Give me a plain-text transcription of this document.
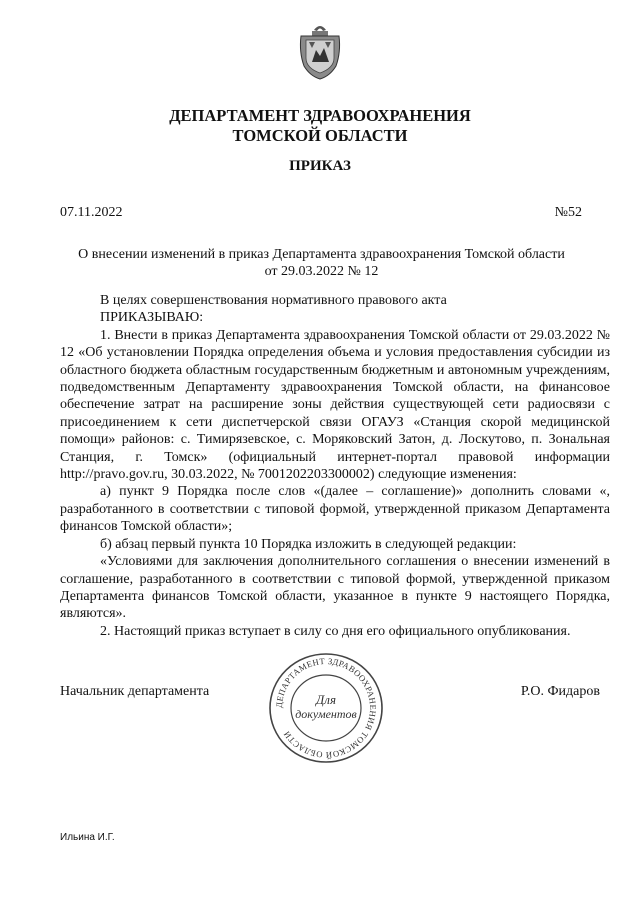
ДЕПАРТАМЕНТ ЗДРАВООХРАНЕНИЯ
ТОМСКОЙ ОБЛАСТИ
ПРИКАЗ
07.11.2022	№52
О внесении изменений в приказ Департамента здравоохранения Томской области
от 29.03.2022 № 12

В целях совершенствования нормативного правового акта

ПРИКАЗЫВАЮ:

1. Внести в приказ Департамента здравоохранения Томской области от 29.03.2022 № 12 «Об установлении Порядка определения объема и условия предоставления субсидии из областного бюджета областным государственным бюджетным и автономным учреждениям, подведомственным Департаменту здравоохранения Томской области, на финансовое обеспечение затрат на расширение зоны действия существующей сети радиосвязи с присоединением к сети диспетчерской связи ОГАУЗ «Станция скорой медицинской помощи» районов: с. Тимирязевское, с. Моряковский Затон, д. Лоскутово, п. Зональная Станция, г. Томск» (официальный интернет-портал правовой информации http://pravo.gov.ru, 30.03.2022, № 7001202203300002) следующие изменения:

а) пункт 9 Порядка после слов «(далее – соглашение)» дополнить словами «, разработанного в соответствии с типовой формой, утвержденной приказом Департамента финансов Томской области»;

б) абзац первый пункта 10 Порядка изложить в следующей редакции:

«Условиями для заключения дополнительного соглашения о внесении изменений в соглашение, разработанного в соответствии с типовой формой, утвержденной приказом Департамента финансов Томской области, указанное в пункте 9 настоящего Порядка, являются».

2. Настоящий приказ вступает в силу со дня его официального опубликования.

Начальник департамента
ДЕПАРТАМЕНТ ЗДРАВООХРАНЕНИЯ ТОМСКОЙ ОБЛАСТИ
Для
документов
Р.О. Фидаров
Ильина И.Г.
